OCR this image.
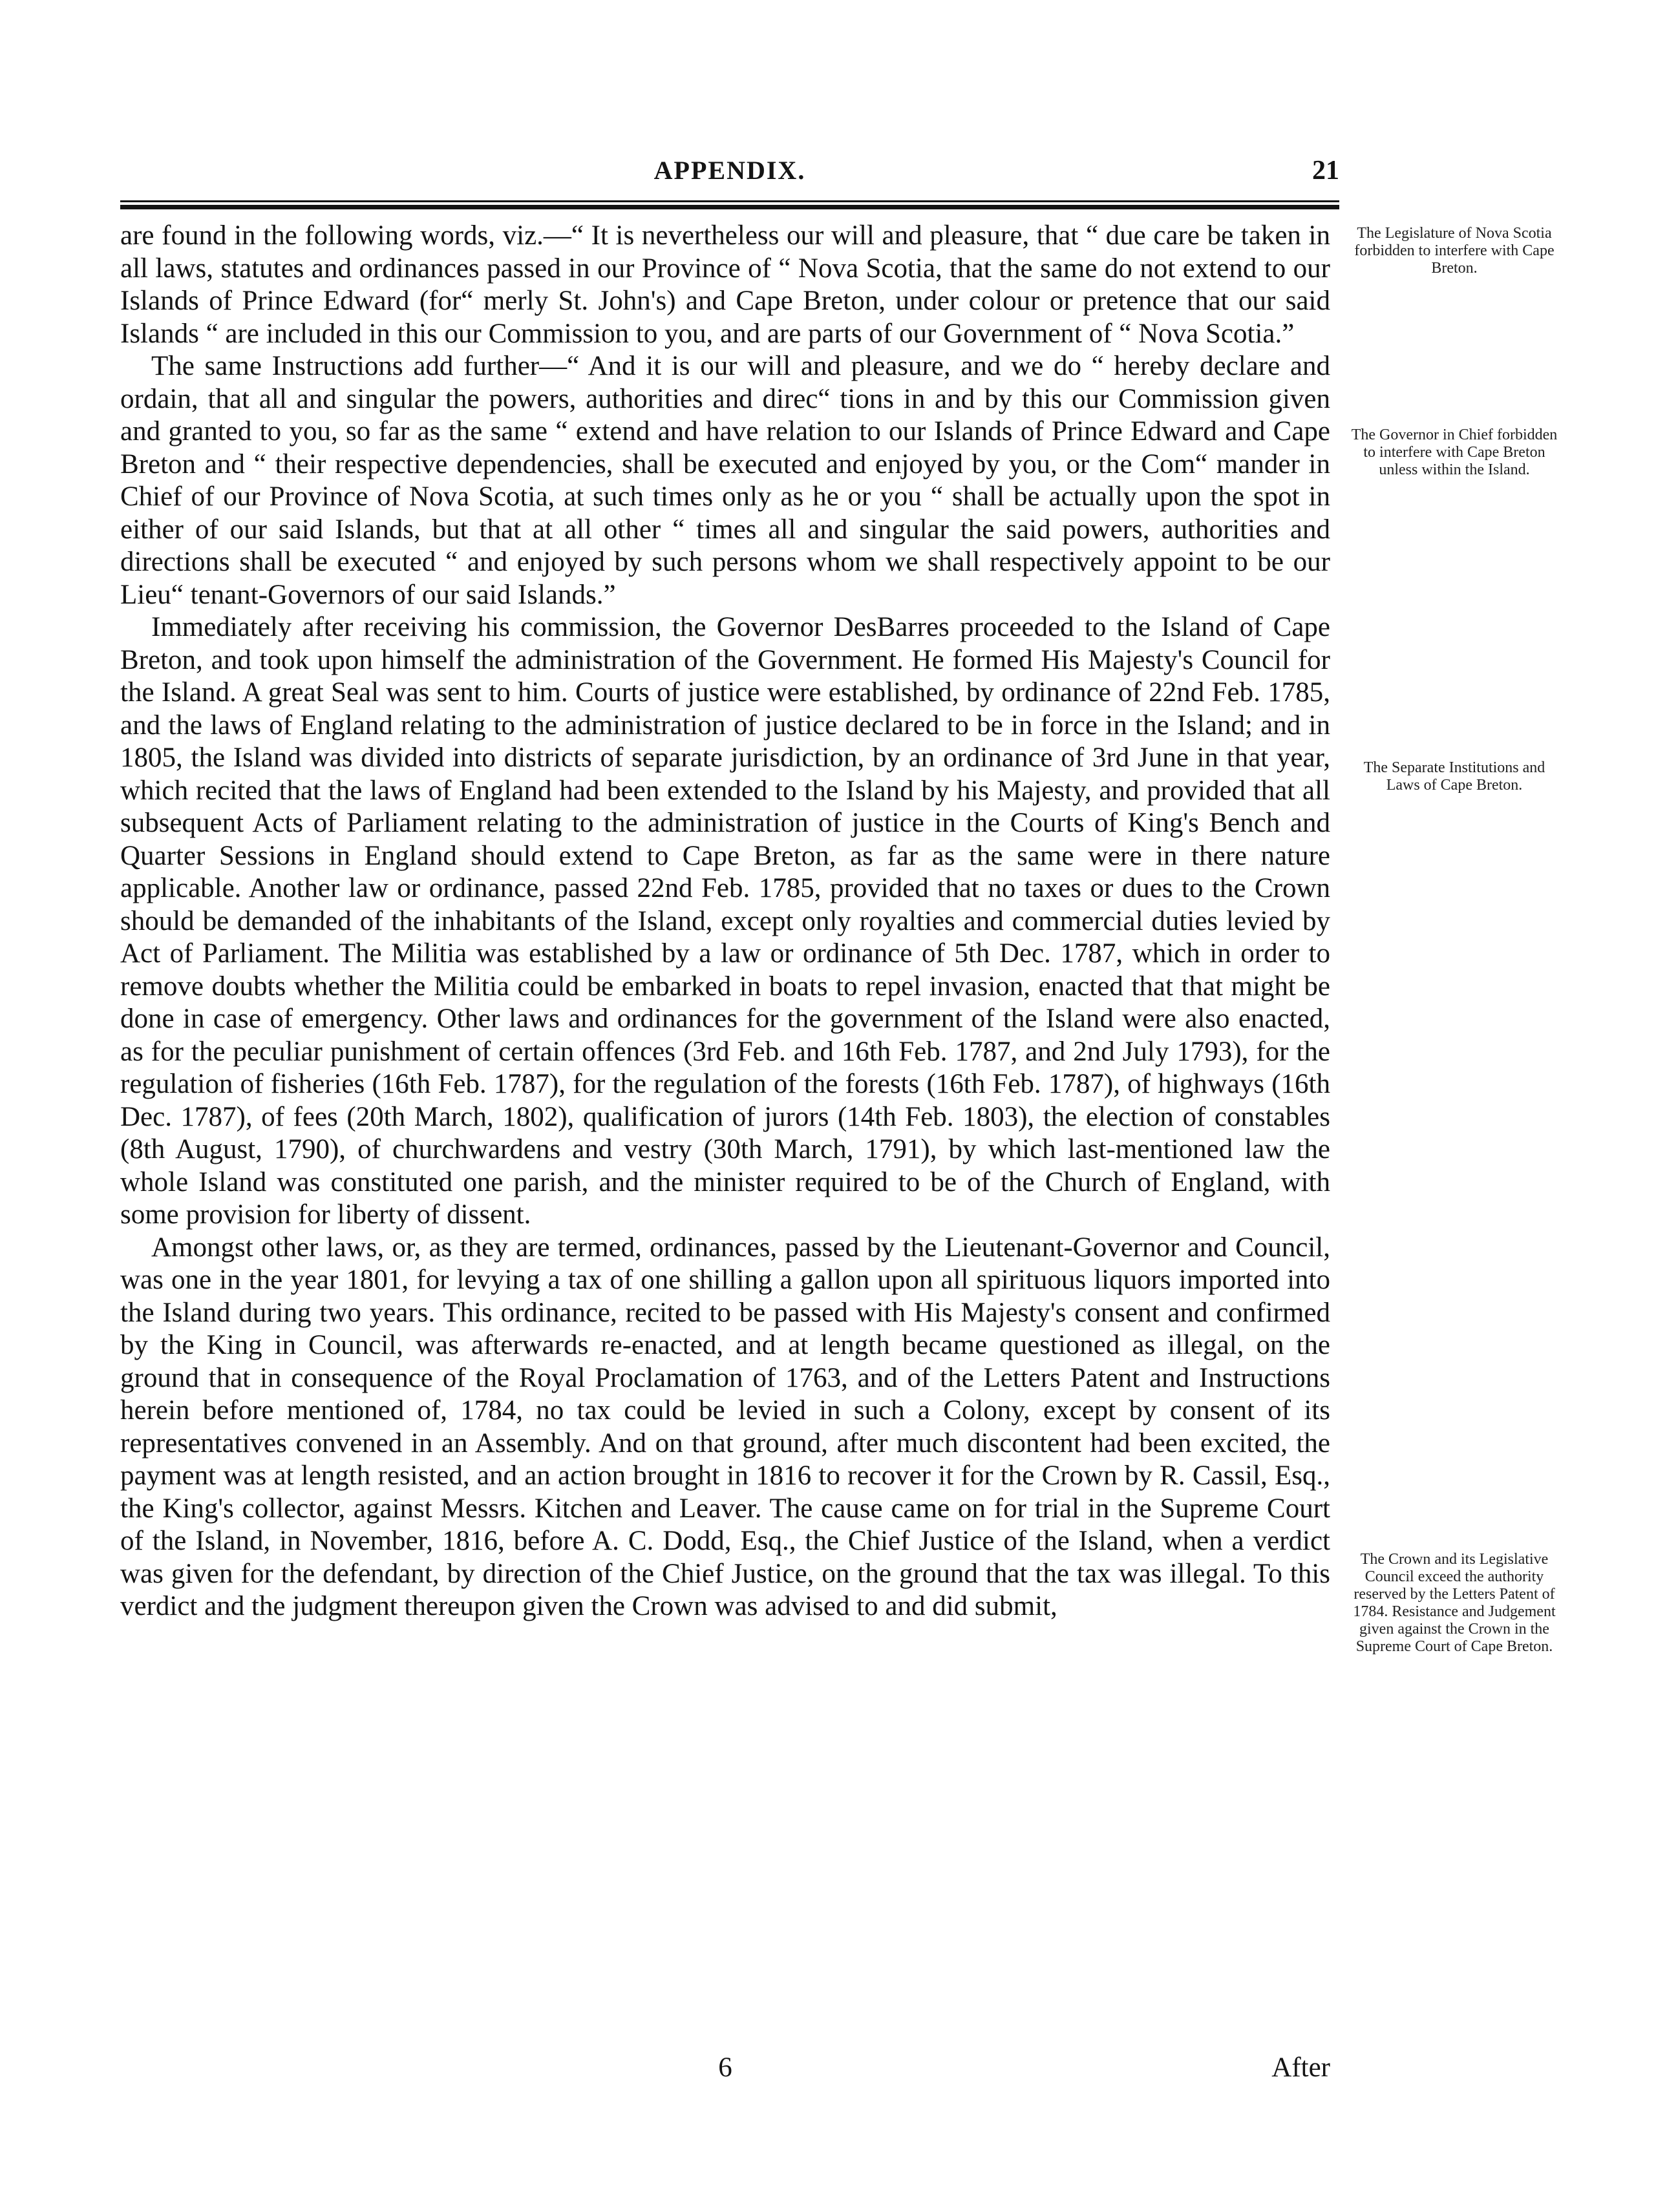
APPENDIX.	21

are found in the following words, viz.—“ It is nevertheless our will and pleasure, that “ due care be taken in all laws, statutes and ordinances passed in our Province of “ Nova Scotia, that the same do not extend to our Islands of Prince Edward (for“ merly St. John's) and Cape Breton, under colour or pretence that our said Islands “ are included in this our Commission to you, and are parts of our Government of “ Nova Scotia.”

The same Instructions add further—“ And it is our will and pleasure, and we do “ hereby declare and ordain, that all and singular the powers, authorities and direc“ tions in and by this our Commission given and granted to you, so far as the same “ extend and have relation to our Islands of Prince Edward and Cape Breton and “ their respective dependencies, shall be executed and enjoyed by you, or the Com“ mander in Chief of our Province of Nova Scotia, at such times only as he or you “ shall be actually upon the spot in either of our said Islands, but that at all other “ times all and singular the said powers, authorities and directions shall be executed “ and enjoyed by such persons whom we shall respectively appoint to be our Lieu“ tenant-Governors of our said Islands.”

Immediately after receiving his commission, the Governor DesBarres proceeded to the Island of Cape Breton, and took upon himself the administration of the Government. He formed His Majesty's Council for the Island. A great Seal was sent to him. Courts of justice were established, by ordinance of 22nd Feb. 1785, and the laws of England relating to the administration of justice declared to be in force in the Island; and in 1805, the Island was divided into districts of separate jurisdiction, by an ordinance of 3rd June in that year, which recited that the laws of England had been extended to the Island by his Majesty, and provided that all subsequent Acts of Parliament relating to the administration of justice in the Courts of King's Bench and Quarter Sessions in England should extend to Cape Breton, as far as the same were in there nature applicable. Another law or ordinance, passed 22nd Feb. 1785, provided that no taxes or dues to the Crown should be demanded of the inhabitants of the Island, except only royalties and commercial duties levied by Act of Parliament. The Militia was established by a law or ordinance of 5th Dec. 1787, which in order to remove doubts whether the Militia could be embarked in boats to repel invasion, enacted that that might be done in case of emergency. Other laws and ordinances for the government of the Island were also enacted, as for the peculiar punishment of certain offences (3rd Feb. and 16th Feb. 1787, and 2nd July 1793), for the regulation of fisheries (16th Feb. 1787), for the regulation of the forests (16th Feb. 1787), of highways (16th Dec. 1787), of fees (20th March, 1802), qualification of jurors (14th Feb. 1803), the election of constables (8th August, 1790), of churchwardens and vestry (30th March, 1791), by which last-mentioned law the whole Island was constituted one parish, and the minister required to be of the Church of England, with some provision for liberty of dissent.

Amongst other laws, or, as they are termed, ordinances, passed by the Lieutenant-Governor and Council, was one in the year 1801, for levying a tax of one shilling a gallon upon all spirituous liquors imported into the Island during two years. This ordinance, recited to be passed with His Majesty's consent and confirmed by the King in Council, was afterwards re-enacted, and at length became questioned as illegal, on the ground that in consequence of the Royal Proclamation of 1763, and of the Letters Patent and Instructions herein before mentioned of, 1784, no tax could be levied in such a Colony, except by consent of its representatives convened in an Assembly. And on that ground, after much discontent had been excited, the payment was at length resisted, and an action brought in 1816 to recover it for the Crown by R. Cassil, Esq., the King's collector, against Messrs. Kitchen and Leaver. The cause came on for trial in the Supreme Court of the Island, in November, 1816, before A. C. Dodd, Esq., the Chief Justice of the Island, when a verdict was given for the defendant, by direction of the Chief Justice, on the ground that the tax was illegal. To this verdict and the judgment thereupon given the Crown was advised to and did submit,

The Legislature of Nova Scotia forbidden to interfere with Cape Breton.
The Governor in Chief forbidden to interfere with Cape Breton unless within the Island.
The Separate Institutions and Laws of Cape Breton.
The Crown and its Legislative Council exceed the authority reserved by the Letters Patent of 1784. Resistance and Judgement given against the Crown in the Supreme Court of Cape Breton.
6	After
